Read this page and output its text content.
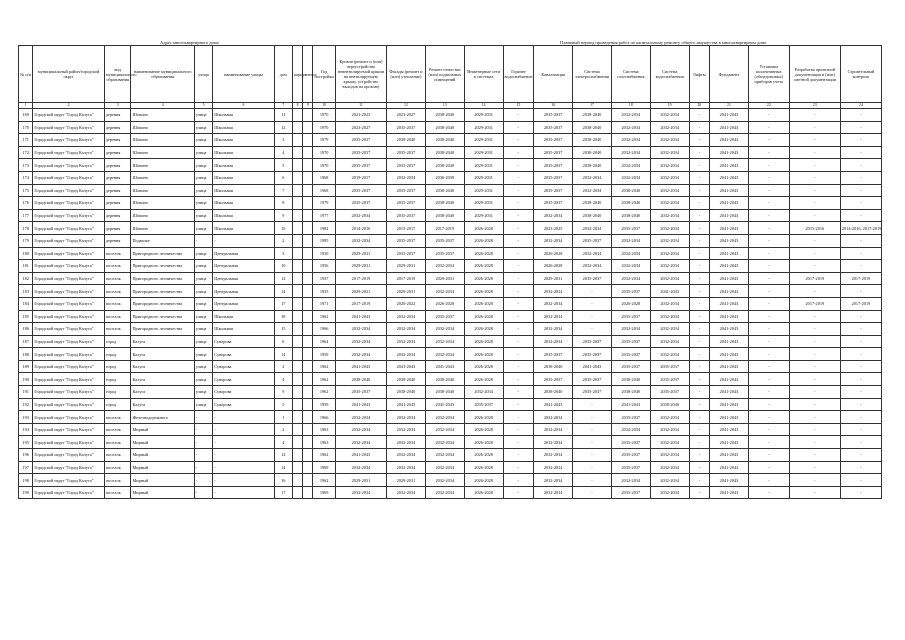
Адрес многоквартирного дома	Плановый период проведения работ по капитальному ремонту общего имущества в многоквартирном доме
№ п/п	муниципальный район/городской округ	вид муниципального образования	наименование муниципального образования	улица	наименование улицы	дом	корпус	литера	Год постройки	Кровля (ремонт и (или) переустройство невентилируемой крыши на вентилируемую крышу, устройство выходов на кровлю)	Фасады (ремонт и (или) утепление)	Ремонт отмостки (или) подвальных помещений	Инженерные сети в системах	Горячее водоснабжение	Канализация	Система электроснабжения	Система газоснабжения	Система водоснабжения	Лифты	Фундамент	Установка коллективных (общедомовых) приборов учета	Разработка проектной документации и (или) сметной документации	Строительный контроль
1	2	3	4	5	6	7	8	9	10	11	12	13	14	15	16	17	18	19	20	21	22	23	24
169	Городской округ "Город Калуга"	деревня	Шопино	улица	Школьная	11			1970	2021-2025	2023-2027	2038-2040	2029-2031	-	2035-2037	2038-2040	2032-2034	2032-2034	-	2041-2043	-	-	-
170	Городской округ "Город Калуга"	деревня	Шопино	улица	Школьная	12			1970	2023-2027	2035-2037	2038-2040	2029-2031	-	2035-2037	2038-2040	2032-2034	2032-2034	-	2041-2043	-	-	-
171	Городской округ "Город Калуга"	деревня	Шопино	улица	Школьная	3			1979	2035-2037	2038-2040	2038-2040	2029-2031	-	2035-2037	2038-2040	2032-2034	2032-2034	-	2041-2043	-	-	-
172	Городской округ "Город Калуга"	деревня	Шопино	улица	Школьная	4			1970	2035-2037	2035-2037	2038-2040	2029-2031	-	2035-2037	2038-2040	2032-2034	2032-2034	-	2041-2043	-	-	-
173	Городской округ "Город Калуга"	деревня	Шопино	улица	Школьная	5			1970	2035-2037	2035-2037	2038-2040	2029-2031	-	2035-2037	2038-2040	2032-2034	2032-2034	-	2041-2043	-	-	-
174	Городской округ "Город Калуга"	деревня	Шопино	улица	Школьная	6			1968	2019-2017	2032-2034	2036-2039	2029-2031	-	2035-2037	2032-2034	2032-2034	2032-2034	-	2041-2043	-	-	-
175	Городской округ "Город Калуга"	деревня	Шопино	улица	Школьная	7			1968	2035-2037	2035-2037	2038-2040	2029-2031	-	2035-2037	2032-2034	2038-2040	2032-2034	-	2041-2043	-	-	-
176	Городской округ "Город Калуга"	деревня	Шопино	улица	Школьная	8			1979	2035-2037	2035-2037	2038-2040	2029-2031	-	2035-2037	2038-2040	2038-2040	2032-2034	-	2041-2043	-	-	-
177	Городской округ "Город Калуга"	деревня	Шопино	улица	Школьная	9			1977	2032-2034	2035-2037	2038-2040	2029-2031	-	2032-2034	2038-2040	2038-2040	2032-2034	-	2041-2043	-	-	-
178	Городской округ "Город Калуга"	деревня	Шопино	улица	Школьная	10			1982	2014-2016	2015-2017	2017-2019	2026-2028	-	2023-2025	2032-2034	2035-2037	2032-2034	-	2041-2043	-	2015-2016	2014-2016, 2017-2019
179	Городской округ "Город Калуга"	деревня	Подвалье	-	-	2			1985	2032-2034	2035-2037	2035-2037	2026-2028	-	2032-2034	2035-2037	2032-2034	2032-2034	-	2041-2043	-	-	-
180	Городской округ "Город Калуга"	поселок	Пригородного лесничества	улица	Центральная	3			1930	2029-2031	2035-2037	2035-2037	2026-2028	-	2026-2028	2032-2034	2032-2034	2032-2034	-	2041-2043	-	-	-
181	Городской округ "Город Калуга"	поселок	Пригородного лесничества	улица	Центральная	10			1956	2029-2031	2029-2031	2032-2034	2026-2028	-	2026-2028	2032-2034	2032-2034	2032-2034	-	2041-2043	-	-	-
182	Городской округ "Город Калуга"	поселок	Пригородного лесничества	улица	Центральная	12			1937	2017-2019	2017-2019	2029-2031	2026-2028	-	2029-2031	2035-2037	2032-2034	2032-2034	-	2041-2043	-	2017-2019	2017-2019
183	Городской округ "Город Калуга"	поселок	Пригородного лесничества	улица	Центральная	14			1935	2029-2031	2029-2031	2032-2034	2026-2028	-	2032-2034	-	2035-2037	2041-2043	-	2041-2043	-	-	-
184	Городской округ "Город Калуга"	поселок	Пригородного лесничества	улица	Центральная	17			1971	2017-2019	2020-2022	2026-2028	2026-2028	-	2032-2034	-	2026-2028	2032-2034	-	2041-2043	-	2017-2019	2017-2019
185	Городской округ "Город Калуга"	поселок	Пригородного лесничества	улица	Школьная	18			1962	2041-2043	2032-2034	2035-2037	2026-2028	-	2032-2034	-	2035-2037	2032-2034	-	2041-2043	-	-	-
186	Городской округ "Город Калуга"	поселок	Пригородного лесничества	улица	Школьная	15			1966	2032-2034	2032-2034	2032-2034	2026-2028	-	2032-2034	-	2032-2034	2032-2034	-	2041-2043	-	-	-
187	Городской округ "Город Калуга"	город	Калуга	улица	Суворова	6			1964	2032-2034	2032-2034	2032-2034	2026-2028	-	2032-2034	2035-2037	2035-2037	2032-2034	-	2041-2043	-	-	-
188	Городской округ "Город Калуга"	город	Калуга	улица	Суворова	14			1959	2032-2034	2032-2034	2032-2034	2026-2028	-	2035-2037	2035-2037	2035-2037	2032-2034	-	2041-2043	-	-	-
189	Городской округ "Город Калуга"	город	Калуга	улица	Суворова	2			1962	2041-2043	2041-2043	2041-2043	2026-2028	-	2038-2040	2041-2043	2035-2037	2035-2037	-	2041-2043	-	-	-
190	Городской округ "Город Калуга"	город	Калуга	улица	Суворова	4			1962	2038-2040	2038-2040	2038-2040	2026-2028	-	2035-2037	2035-2037	2038-2040	2035-2037	-	2041-2043	-	-	-
191	Городской округ "Город Калуга"	город	Калуга	улица	Суворова	9			1962	2035-2037	2038-2040	2038-2040	2032-2034	-	2038-2040	2035-2037	2038-2040	2035-2037	-	2041-2043	-	-	-
192	Городской округ "Город Калуга"	город	Калуга	улица	Суворова	5			1959	2041-2043	2041-2043	2041-2043	2035-2037	-	2041-2043	-	2041-2043	2038-2040	-	2041-2043	-	-	-
193	Городской округ "Город Калуга"	поселок	Железнодорожного	-	-	1			1966	2032-2034	2032-2034	2032-2034	2026-2028	-	2032-2034	-	2035-2037	2032-2034	-	2041-2043	-	-	-
194	Городской округ "Город Калуга"	поселок	Мирный	-	-	2			1963	2032-2034	2032-2034	2032-2034	2026-2028	-	2032-2034	-	2032-2034	2032-2034	-	2041-2043	-	-	-
195	Городской округ "Город Калуга"	поселок	Мирный	-	-	4			1963	2032-2034	2032-2034	2032-2034	2026-2028	-	2032-2034	-	2035-2037	2032-2034	-	2041-2043	-	-	-
196	Городской округ "Город Калуга"	поселок	Мирный	-	-	12			1962	2041-2043	2032-2034	2032-2034	2026-2028	-	2032-2034	-	2035-2037	2032-2034	-	2041-2043	-	-	-
197	Городской округ "Город Калуга"	поселок	Мирный	-	-	14			1969	2032-2034	2032-2034	2032-2034	2026-2028	-	2032-2034	-	2035-2037	2032-2034	-	2041-2043	-	-	-
198	Городской округ "Город Калуга"	поселок	Мирный	-	-	16			1962	2029-2031	2029-2031	2032-2034	2026-2028	-	2032-2034	-	2032-2034	2032-2034	-	2041-2043	-	-	-
199	Городской округ "Город Калуга"	поселок	Мирный	-	-	17			1969	2032-2034	2032-2034	2032-2034	2026-2028	-	2032-2034	-	2035-2037	2032-2034	-	2041-2043	-	-	-
